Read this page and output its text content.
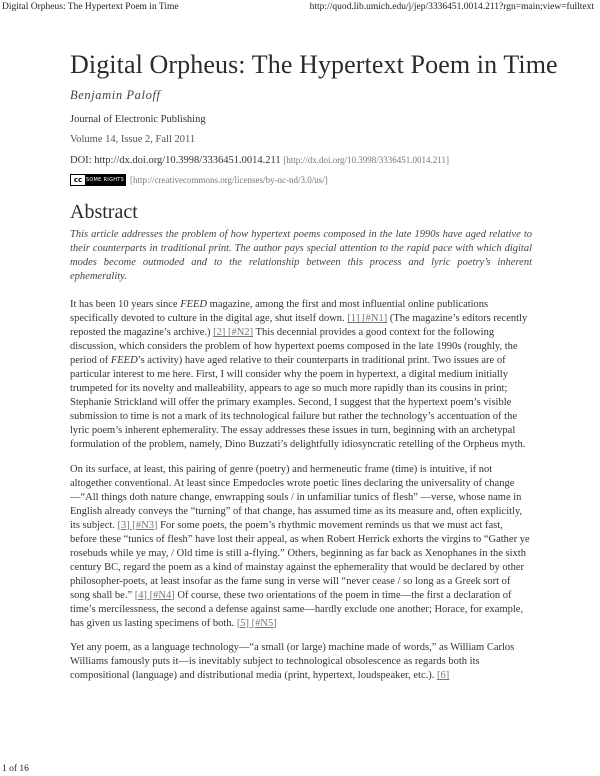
Digital Orpheus: The Hypertext Poem in Time	http://quod.lib.umich.edu/j/jep/3336451.0014.211?rgn=main;view=fulltext
Digital Orpheus: The Hypertext Poem in Time
Benjamin Paloff
Journal of Electronic Publishing
Volume 14, Issue 2, Fall 2011
DOI: http://dx.doi.org/10.3998/3336451.0014.211 [http://dx.doi.org/10.3998/3336451.0014.211]
cc SOME RIGHTS RESERVED
[http://creativecommons.org/licenses/by-nc-nd/3.0/us/]
Abstract
This article addresses the problem of how hypertext poems composed in the late 1990s have aged relative to their counterparts in traditional print. The author pays special attention to the rapid pace with which digital modes become outmoded and to the relationship between this process and lyric poetry’s inherent ephemerality.

It has been 10 years since FEED magazine, among the first and most influential online publications specifically devoted to culture in the digital age, shut itself down. [1] [#N1] (The magazine’s editors recently reposted the magazine’s archive.) [2] [#N2] This decennial provides a good context for the following discussion, which considers the problem of how hypertext poems composed in the late 1990s (roughly, the period of FEED’s activity) have aged relative to their counterparts in traditional print. Two issues are of particular interest to me here. First, I will consider why the poem in hypertext, a digital medium initially trumpeted for its novelty and malleability, appears to age so much more rapidly than its cousins in print; Stephanie Strickland will offer the primary examples. Second, I suggest that the hypertext poem’s visible submission to time is not a mark of its technological failure but rather the technology’s accentuation of the lyric poem’s inherent ephemerality. The essay addresses these issues in turn, beginning with an archetypal formulation of the problem, namely, Dino Buzzati’s delightfully idiosyncratic retelling of the Orpheus myth.

On its surface, at least, this pairing of genre (poetry) and hermeneutic frame (time) is intuitive, if not altogether conventional. At least since Empedocles wrote poetic lines declaring the universality of change—“All things doth nature change, enwrapping souls / in unfamiliar tunics of flesh” —verse, whose name in English already conveys the “turning” of that change, has assumed time as its measure and, often explicitly, its subject. [3] [#N3] For some poets, the poem’s rhythmic movement reminds us that we must act fast, before these “tunics of flesh” have lost their appeal, as when Robert Herrick exhorts the virgins to “Gather ye rosebuds while ye may, / Old time is still a-flying.” Others, beginning as far back as Xenophanes in the sixth century BC, regard the poem as a kind of mainstay against the ephemerality that would be declared by other philosopher-poets, at least insofar as the fame sung in verse will “never cease / so long as a Greek sort of song shall be.” [4] [#N4] Of course, these two orientations of the poem in time—the first a declaration of time’s mercilessness, the second a defense against same—hardly exclude one another; Horace, for example, has given us lasting specimens of both. [5] [#N5]

Yet any poem, as a language technology—“a small (or large) machine made of words,” as William Carlos Williams famously puts it—is inevitably subject to technological obsolescence as regards both its compositional (language) and distributional media (print, hypertext, loudspeaker, etc.). [6]

1 of 16
